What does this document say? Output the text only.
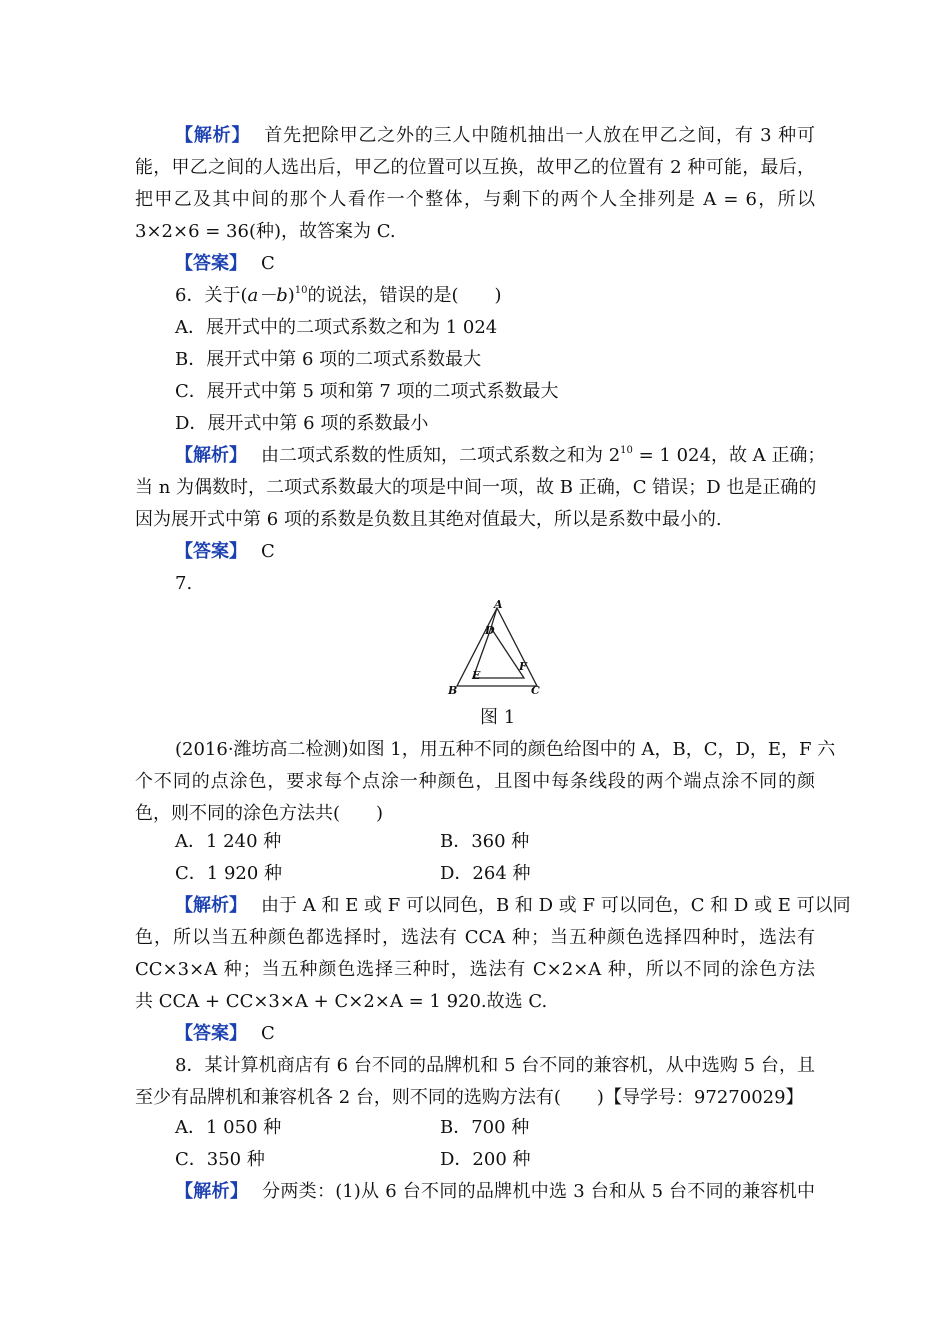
【解析】 首先把除甲乙之外的三人中随机抽出一人放在甲乙之间，有 3 种可
能，甲乙之间的人选出后，甲乙的位置可以互换，故甲乙的位置有 2 种可能，最后，
把甲乙及其中间的那个人看作一个整体，与剩下的两个人全排列是 A = 6，所以
3×2×6 = 36(种)，故答案为 C.
【答案】 C
6．关于$(a-b)^{10}$的说法，错误的是(　　)
A．展开式中的二项式系数之和为 1 024
B．展开式中第 6 项的二项式系数最大
C．展开式中第 5 项和第 7 项的二项式系数最大
D．展开式中第 6 项的系数最小
【解析】 由二项式系数的性质知，二项式系数之和为 $2^{10} = 1$ 024，故 A 正确；
当 n 为偶数时，二项式系数最大的项是中间一项，故 B 正确，C 错误；D 也是正确的
因为展开式中第 6 项的系数是负数且其绝对值最大，所以是系数中最小的.
【答案】 C
7.
A
D
F
E
B	C
图 1
(2016·潍坊高二检测)如图 1，用五种不同的颜色给图中的 A，B，C，D，E，F 六
个不同的点涂色，要求每个点涂一种颜色，且图中每条线段的两个端点涂不同的颜
色，则不同的涂色方法共(　　)
A．1 240 种	B．360 种
C．1 920 种	D．264 种
【解析】 由于 A 和 E 或 F 可以同色，B 和 D 或 F 可以同色，C 和 D 或 E 可以同
色，所以当五种颜色都选择时，选法有 CCA 种；当五种颜色选择四种时，选法有
CC×3×A 种；当五种颜色选择三种时，选法有 C×2×A 种，所以不同的涂色方法
共 CCA + CC×3×A + C×2×A = 1 920.故选 C.
【答案】 C
8．某计算机商店有 6 台不同的品牌机和 5 台不同的兼容机，从中选购 5 台，且
至少有品牌机和兼容机各 2 台，则不同的选购方法有(　　)【导学号：97270029】
A．1 050 种	B．700 种
C．350 种	D．200 种
【解析】 分两类：(1)从 6 台不同的品牌机中选 3 台和从 5 台不同的兼容机中
